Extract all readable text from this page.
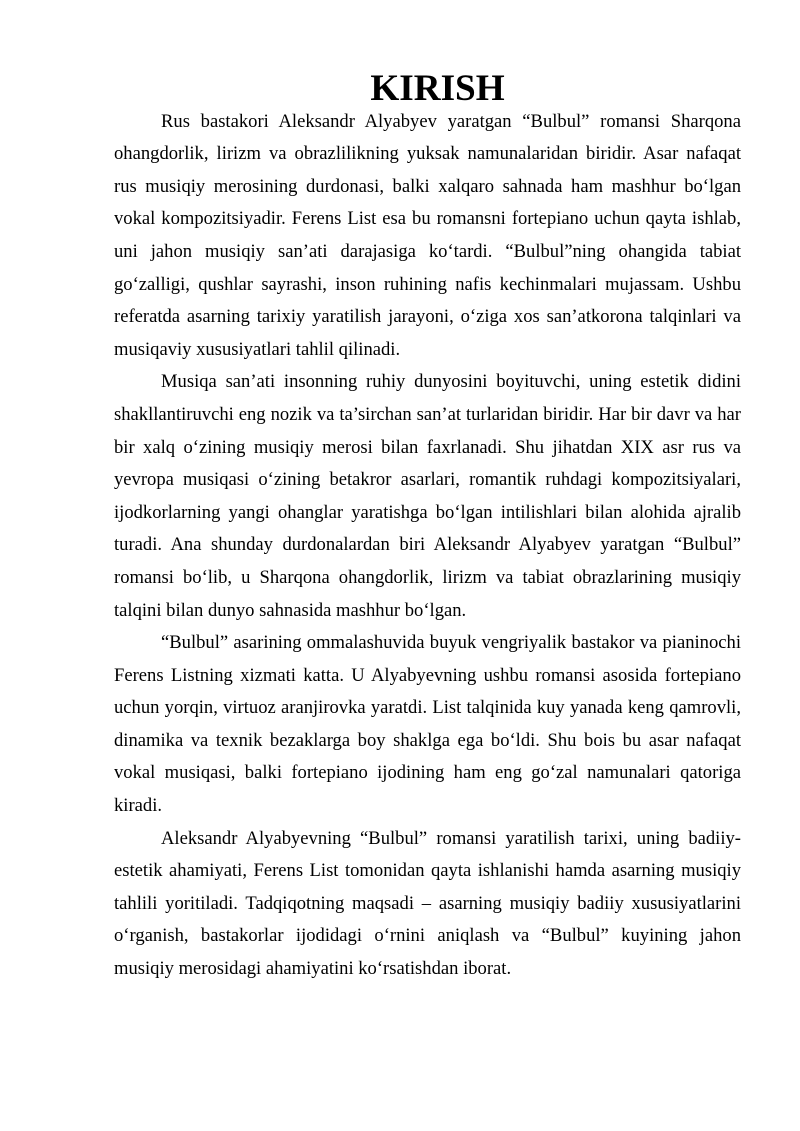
KIRISH

Rus bastakori Aleksandr Alyabyev yaratgan “Bulbul” romansi Sharqona ohangdorlik, lirizm va obrazlilikning yuksak namunalaridan biridir. Asar nafaqat rus musiqiy merosining durdonasi, balki xalqaro sahnada ham mashhur bo‘lgan vokal kompozitsiyadir. Ferens List esa bu romansni fortepiano uchun qayta ishlab, uni jahon musiqiy san’ati darajasiga ko‘tardi. “Bulbul”ning ohangida tabiat go‘zalligi, qushlar sayrashi, inson ruhining nafis kechinmalari mujassam. Ushbu referatda asarning tarixiy yaratilish jarayoni, o‘ziga xos san’atkorona talqinlari va musiqaviy xususiyatlari tahlil qilinadi.

Musiqa san’ati insonning ruhiy dunyosini boyituvchi, uning estetik didini shakllantiruvchi eng nozik va ta’sirchan san’at turlaridan biridir. Har bir davr va har bir xalq o‘zining musiqiy merosi bilan faxrlanadi. Shu jihatdan XIX asr rus va yevropa musiqasi o‘zining betakror asarlari, romantik ruhdagi kompozitsiyalari, ijodkorlarning yangi ohanglar yaratishga bo‘lgan intilishlari bilan alohida ajralib turadi. Ana shunday durdonalardan biri Aleksandr Alyabyev yaratgan “Bulbul” romansi bo‘lib, u Sharqona ohangdorlik, lirizm va tabiat obrazlarining musiqiy talqini bilan dunyo sahnasida mashhur bo‘lgan.

“Bulbul” asarining ommalashuvida buyuk vengriyalik bastakor va pianinochi Ferens Listning xizmati katta. U Alyabyevning ushbu romansi asosida fortepiano uchun yorqin, virtuoz aranjirovka yaratdi. List talqinida kuy yanada keng qamrovli, dinamika va texnik bezaklarga boy shaklga ega bo‘ldi. Shu bois bu asar nafaqat vokal musiqasi, balki fortepiano ijodining ham eng go‘zal namunalari qatoriga kiradi.

Aleksandr Alyabyevning “Bulbul” romansi yaratilish tarixi, uning badiiy-estetik ahamiyati, Ferens List tomonidan qayta ishlanishi hamda asarning musiqiy tahlili yoritiladi. Tadqiqotning maqsadi – asarning musiqiy badiiy xususiyatlarini o‘rganish, bastakorlar ijodidagi o‘rnini aniqlash va “Bulbul” kuyining jahon musiqiy merosidagi ahamiyatini ko‘rsatishdan iborat.
